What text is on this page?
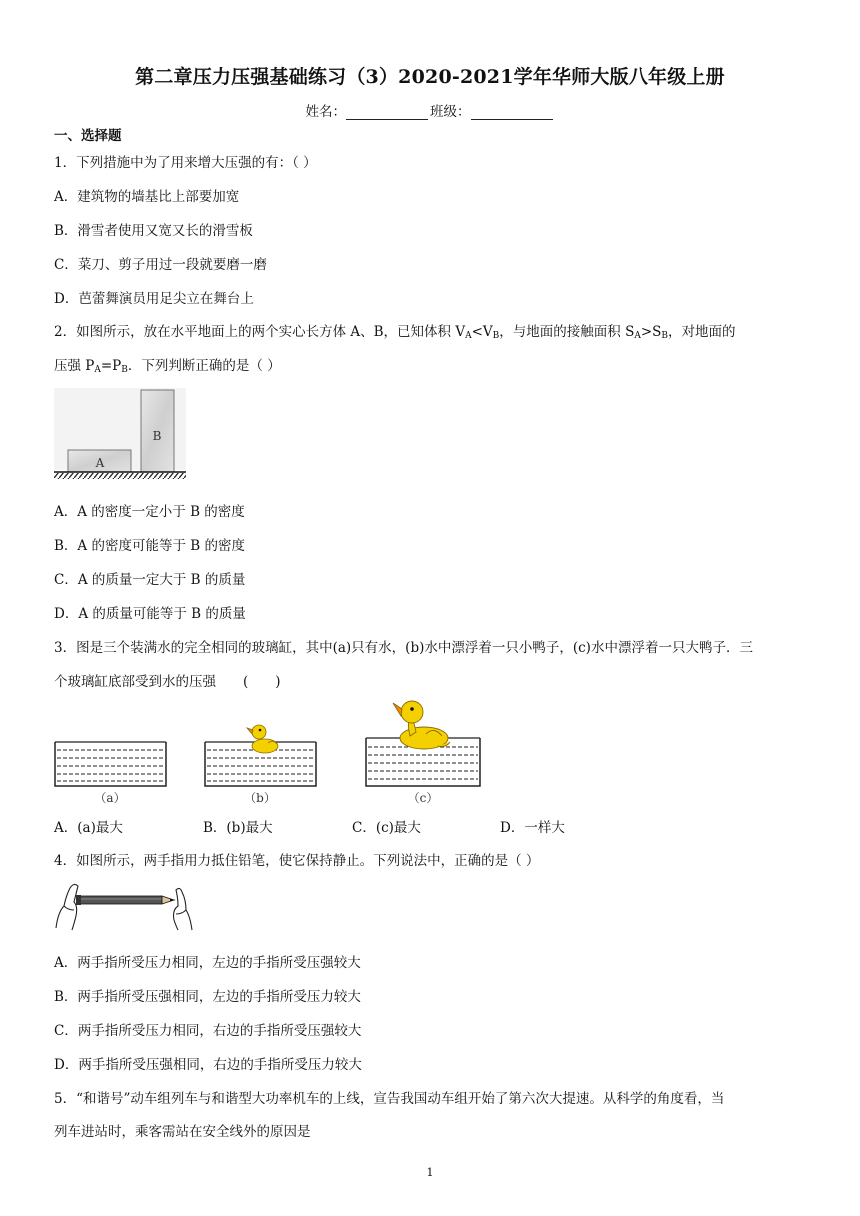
第二章压力压强基础练习（3）2020-2021学年华师大版八年级上册
姓名：	班级：
一、选择题
1．下列措施中为了用来增大压强的有：（ ）
A．建筑物的墙基比上部要加宽
B．滑雪者使用又宽又长的滑雪板
C．菜刀、剪子用过一段就要磨一磨
D．芭蕾舞演员用足尖立在舞台上
2．如图所示，放在水平地面上的两个实心长方体 A、B，已知体积 $V_A<V_B$，与地面的接触面积 $S_A>S_B$，对地面的
压强 $P_A=P_B$．下列判断正确的是（ ）
A
B
A．A 的密度一定小于 B 的密度
B．A 的密度可能等于 B 的密度
C．A 的质量一定大于 B 的质量
D．A 的质量可能等于 B 的质量
3．图是三个装满水的完全相同的玻璃缸，其中(a)只有水，(b)水中漂浮着一只小鸭子，(c)水中漂浮着一只大鸭子．三
个玻璃缸底部受到水的压强　　(　　)
（a）	（b）	（c）
A．(a)最大	B．(b)最大	C．(c)最大	D．一样大
4．如图所示，两手指用力抵住铅笔，使它保持静止。下列说法中，正确的是（ ）
A．两手指所受压力相同，左边的手指所受压强较大
B．两手指所受压强相同，左边的手指所受压力较大
C．两手指所受压力相同，右边的手指所受压强较大
D．两手指所受压强相同，右边的手指所受压力较大
5．“和谐号”动车组列车与和谐型大功率机车的上线，宣告我国动车组开始了第六次大提速。从科学的角度看，当
列车进站时，乘客需站在安全线外的原因是
1
